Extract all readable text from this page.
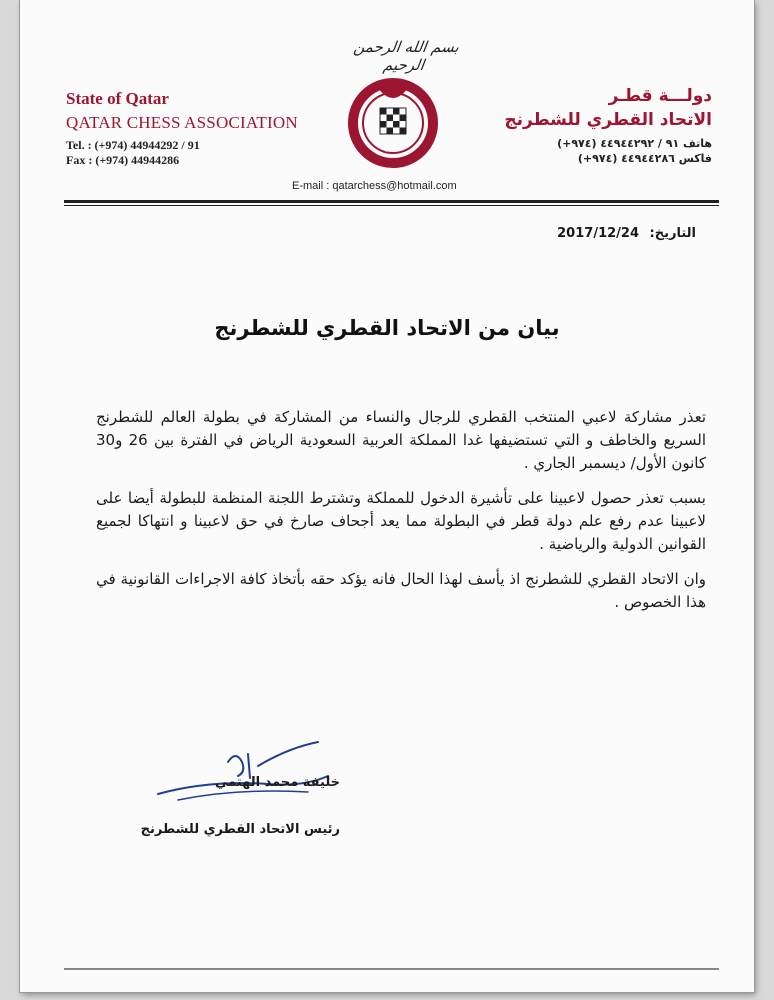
بسم الله الرحمن الرحيم

State of Qatar

QATAR CHESS ASSOCIATION

Tel. : (+974) 44944292 / 91

Fax : (+974) 44944286

Q.C.A

دولـــة قطـر

الاتحاد القطري للشطرنج

هاتف ٩١ / ٤٤٩٤٤٢٩٢ (٩٧٤+)

فاكس ٤٤٩٤٤٢٨٦ (٩٧٤+)

E-mail : qatarchess@hotmail.com
التاريخ: 2017/12/24
بيان من الاتحاد القطري للشطرنج

تعذر مشاركة لاعبي المنتخب القطري للرجال والنساء من المشاركة في بطولة العالم للشطرنج السريع والخاطف و التي تستضيفها غدا المملكة العربية السعودية الرياض في الفترة بين 26 و30 كانون الأول/ ديسمبر الجاري .

بسبب تعذر حصول لاعبينا على تأشيرة الدخول للمملكة وتشترط اللجنة المنظمة للبطولة أيضا على لاعبينا عدم رفع علم دولة قطر في البطولة مما يعد أجحاف صارخ في حق لاعبينا و انتهاكا لجميع القوانين الدولية والرياضية .

وان الاتحاد القطري للشطرنج اذ يأسف لهذا الحال فانه يؤكد حقه بأتخاذ كافة الاجراءات القانونية في هذا الخصوص .

خليفة محمد الهتمي
رئيس الاتحاد القطري للشطرنج
